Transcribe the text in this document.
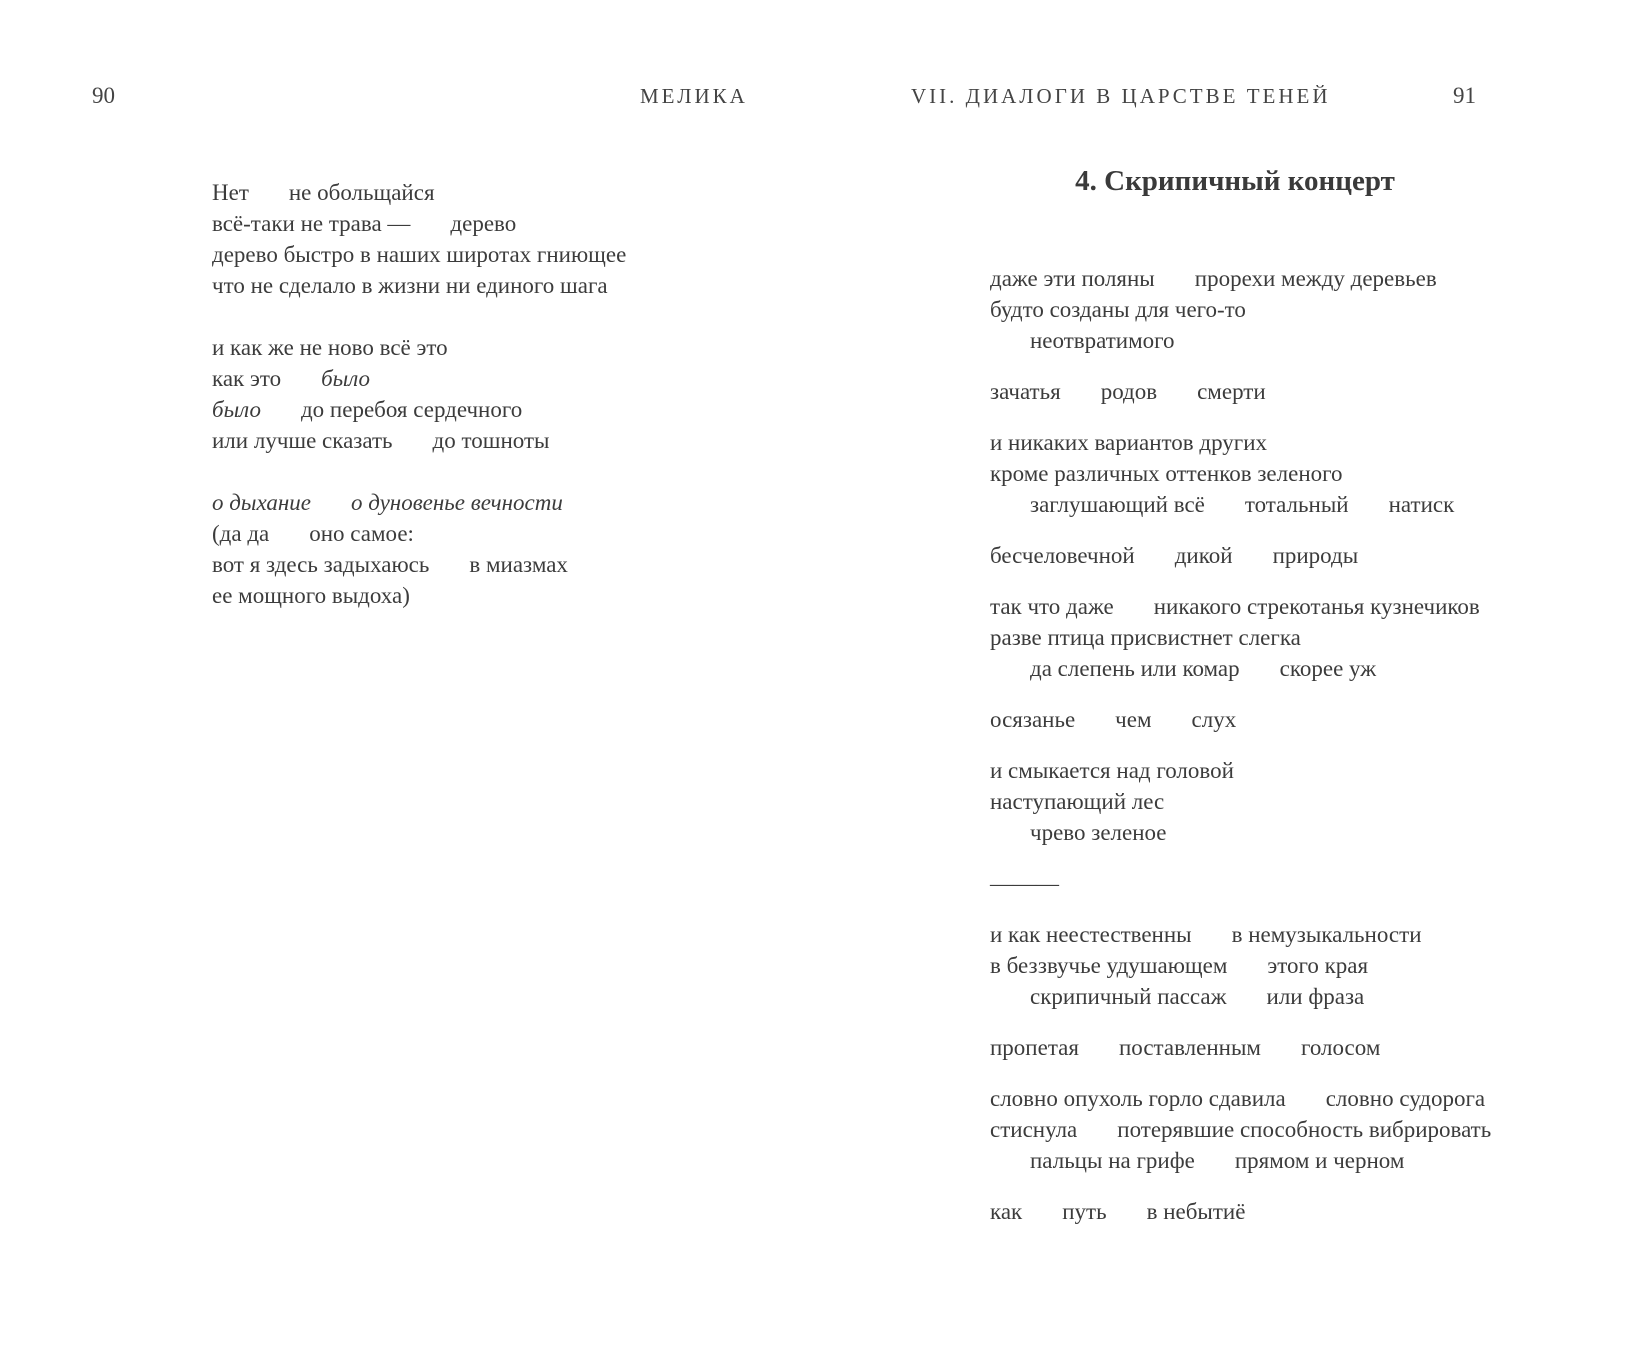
90	МЕЛИКА
Нет не обольщайся
всё-таки не трава — дерево
дерево быстро в наших широтах гниющее
что не сделало в жизни ни единого шага
и как же не ново всё это
как это было
было до перебоя сердечного
или лучше сказать до тошноты
о дыхание о дуновенье вечности
(да да оно самое:
вот я здесь задыхаюсь в миазмах
ее мощного выдоха)
VII. ДИАЛОГИ В ЦАРСТВЕ ТЕНЕЙ	91
4. Скрипичный концерт
даже эти поляны прорехи между деревьев
будто созданы для чего-то
неотвратимого
зачатья родов смерти
и никаких вариантов других
кроме различных оттенков зеленого
заглушающий всё тотальный натиск
бесчеловечной дикой природы
так что даже никакого стрекотанья кузнечиков
разве птица присвистнет слегка
да слепень или комар скорее уж
осязанье чем слух
и смыкается над головой
наступающий лес
чрево зеленое
———
и как неестественны в немузыкальности
в беззвучье удушающем этого края
скрипичный пассаж или фраза
пропетая поставленным голосом
словно опухоль горло сдавила словно судорога
стиснула потерявшие способность вибрировать
пальцы на грифе прямом и черном
как путь в небытиё
